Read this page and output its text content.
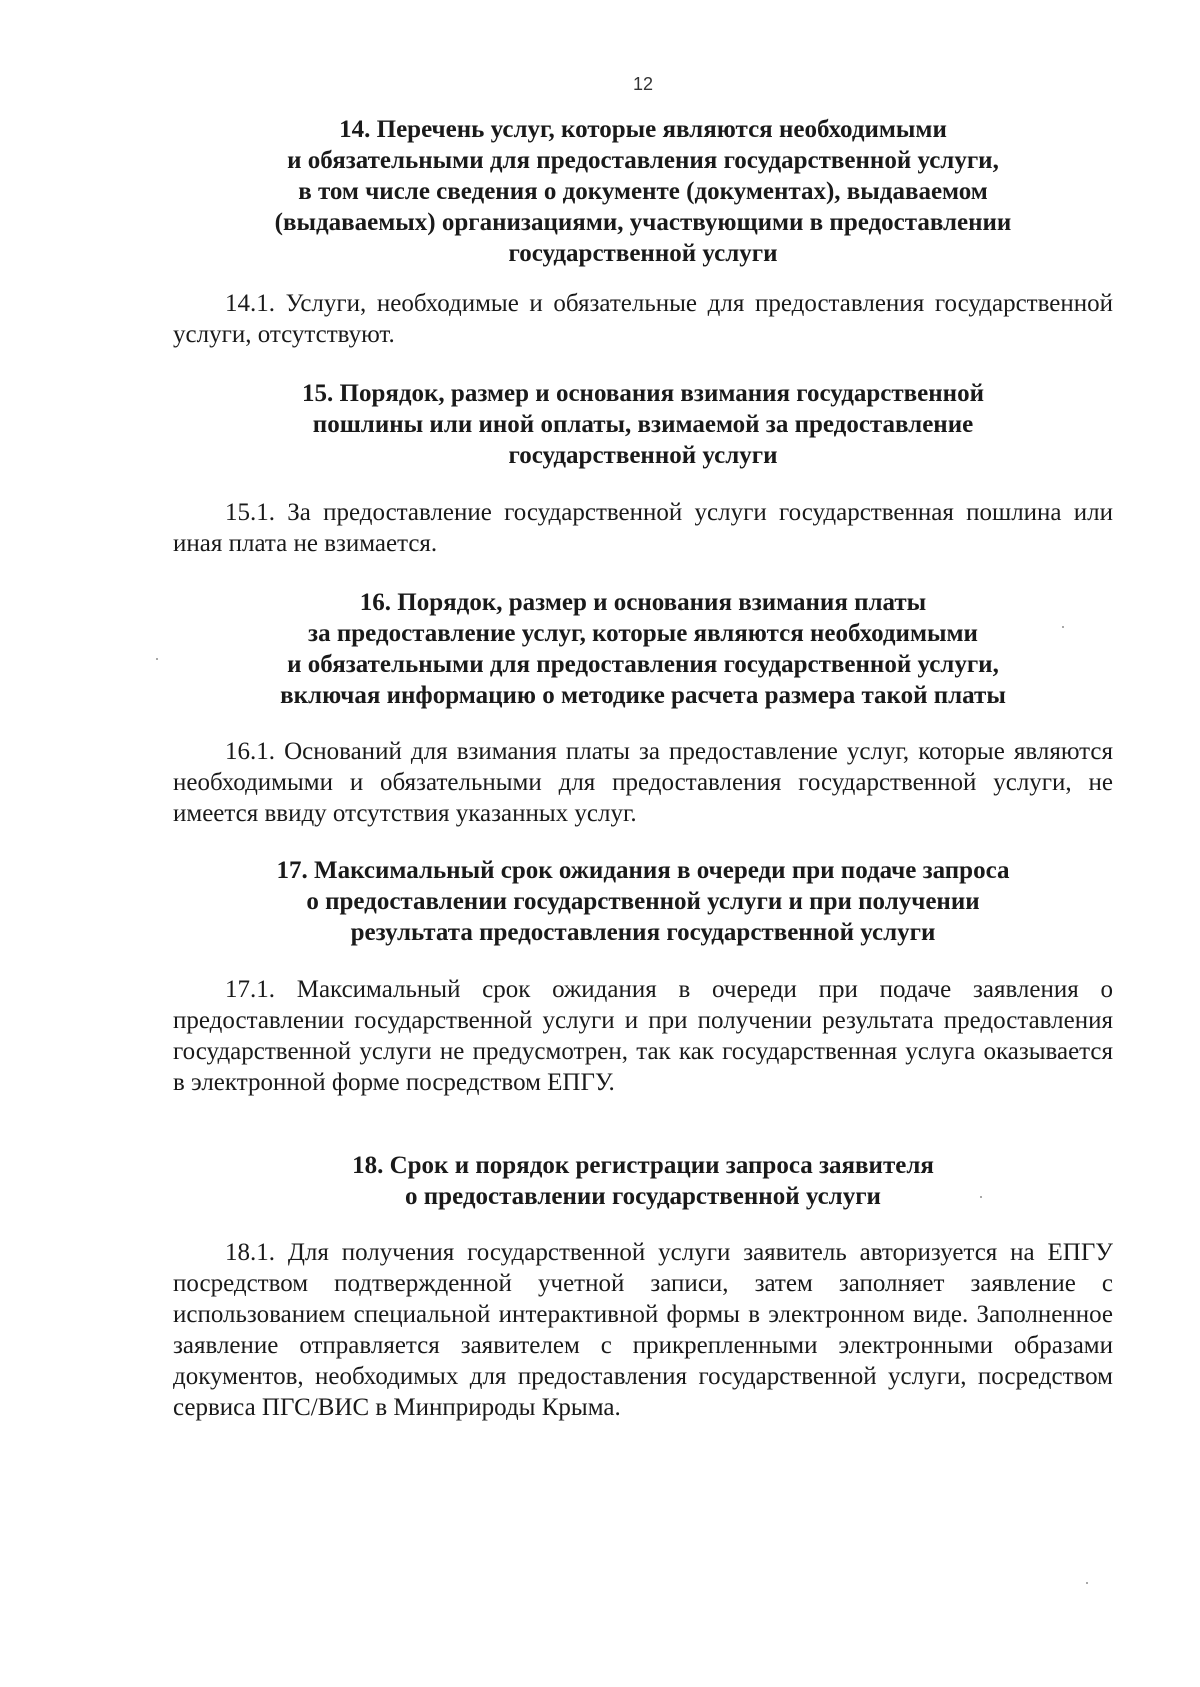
12
14. Перечень услуг, которые являются необходимыми
и обязательными для предоставления государственной услуги,
в том числе сведения о документе (документах), выдаваемом
(выдаваемых) организациями, участвующими в предоставлении
государственной услуги

14.1. Услуги, необходимые и обязательные для предоставления государственной услуги, отсутствуют.

15. Порядок, размер и основания взимания государственной
пошлины или иной оплаты, взимаемой за предоставление
государственной услуги

15.1. За предоставление государственной услуги государственная пошлина или иная плата не взимается.

16. Порядок, размер и основания взимания платы
за предоставление услуг, которые являются необходимыми
и обязательными для предоставления государственной услуги,
включая информацию о методике расчета размера такой платы

16.1. Оснований для взимания платы за предоставление услуг, которые являются необходимыми и обязательными для предоставления государственной услуги, не имеется ввиду отсутствия указанных услуг.

17. Максимальный срок ожидания в очереди при подаче запроса
о предоставлении государственной услуги и при получении
результата предоставления государственной услуги

17.1. Максимальный срок ожидания в очереди при подаче заявления о предоставлении государственной услуги и при получении результата предоставления государственной услуги не предусмотрен, так как государственная услуга оказывается в электронной форме посредством ЕПГУ.

18. Срок и порядок регистрации запроса заявителя
о предоставлении государственной услуги

18.1. Для получения государственной услуги заявитель авторизуется на ЕПГУ посредством подтвержденной учетной записи, затем заполняет заявление с использованием специальной интерактивной формы в электронном виде. Заполненное заявление отправляется заявителем с прикрепленными электронными образами документов, необходимых для предоставления государственной услуги, посредством сервиса ПГС/ВИС в Минприроды Крыма.
